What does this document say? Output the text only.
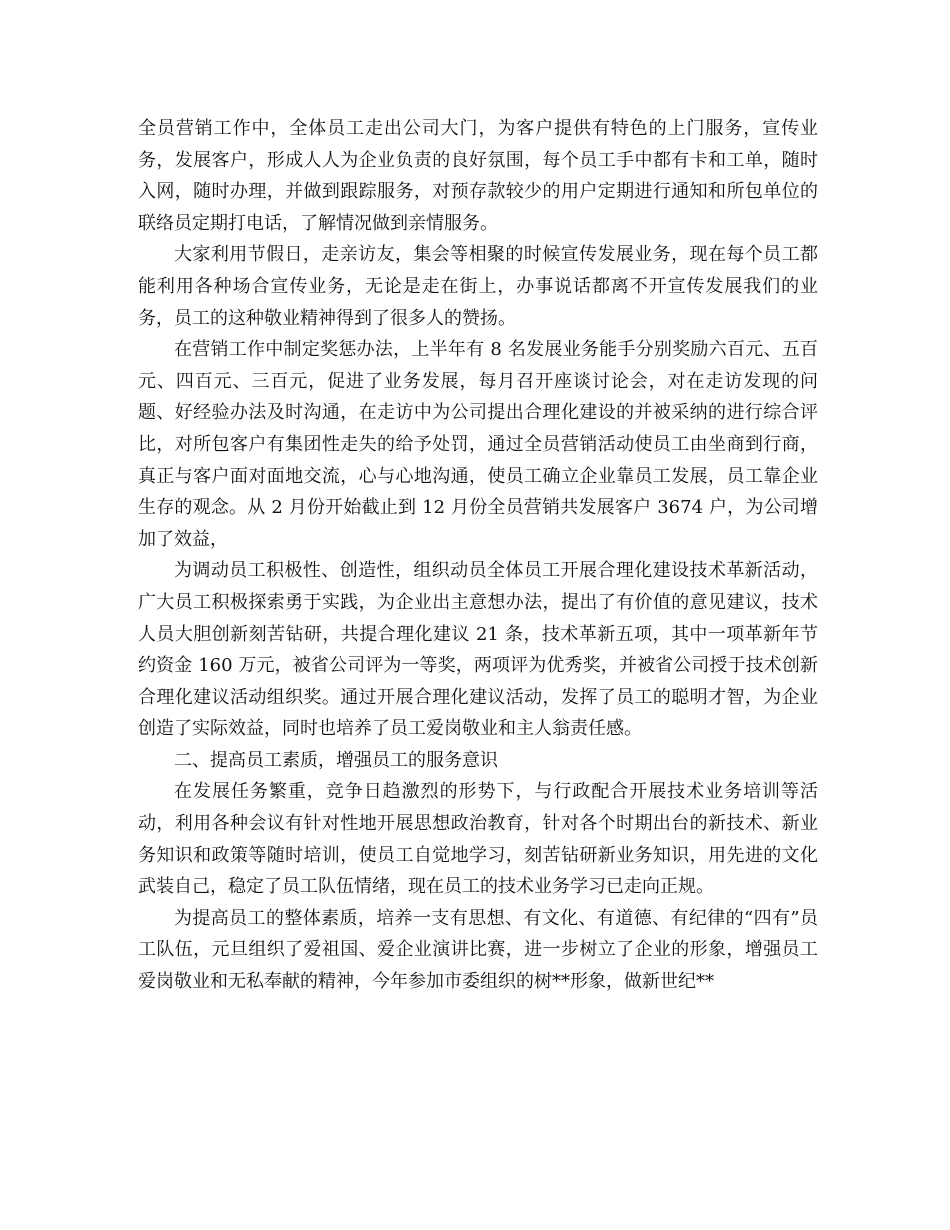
全员营销工作中，全体员工走出公司大门，为客户提供有特色的上门服务，宣传业务，发展客户，形成人人为企业负责的良好氛围，每个员工手中都有卡和工单，随时入网，随时办理，并做到跟踪服务，对预存款较少的用户定期进行通知和所包单位的联络员定期打电话，了解情况做到亲情服务。

大家利用节假日，走亲访友，集会等相聚的时候宣传发展业务，现在每个员工都能利用各种场合宣传业务，无论是走在街上，办事说话都离不开宣传发展我们的业务，员工的这种敬业精神得到了很多人的赞扬。

在营销工作中制定奖惩办法，上半年有 8 名发展业务能手分别奖励六百元、五百元、四百元、三百元，促进了业务发展，每月召开座谈讨论会，对在走访发现的问题、好经验办法及时沟通，在走访中为公司提出合理化建设的并被采纳的进行综合评比，对所包客户有集团性走失的给予处罚，通过全员营销活动使员工由坐商到行商，真正与客户面对面地交流，心与心地沟通，使员工确立企业靠员工发展，员工靠企业生存的观念。从 2 月份开始截止到 12 月份全员营销共发展客户 3674 户，为公司增加了效益，

为调动员工积极性、创造性，组织动员全体员工开展合理化建设技术革新活动，广大员工积极探索勇于实践，为企业出主意想办法，提出了有价值的意见建议，技术人员大胆创新刻苦钻研，共提合理化建议 21 条，技术革新五项，其中一项革新年节约资金 160 万元，被省公司评为一等奖，两项评为优秀奖，并被省公司授于技术创新合理化建议活动组织奖。通过开展合理化建议活动，发挥了员工的聪明才智，为企业创造了实际效益，同时也培养了员工爱岗敬业和主人翁责任感。

二、提高员工素质，增强员工的服务意识

在发展任务繁重，竞争日趋激烈的形势下，与行政配合开展技术业务培训等活动，利用各种会议有针对性地开展思想政治教育，针对各个时期出台的新技术、新业务知识和政策等随时培训，使员工自觉地学习，刻苦钻研新业务知识，用先进的文化武装自己，稳定了员工队伍情绪，现在员工的技术业务学习已走向正规。

为提高员工的整体素质，培养一支有思想、有文化、有道德、有纪律的“四有”员工队伍，元旦组织了爱祖国、爱企业演讲比赛，进一步树立了企业的形象，增强员工爱岗敬业和无私奉献的精神，今年参加市委组织的树**形象，做新世纪**
